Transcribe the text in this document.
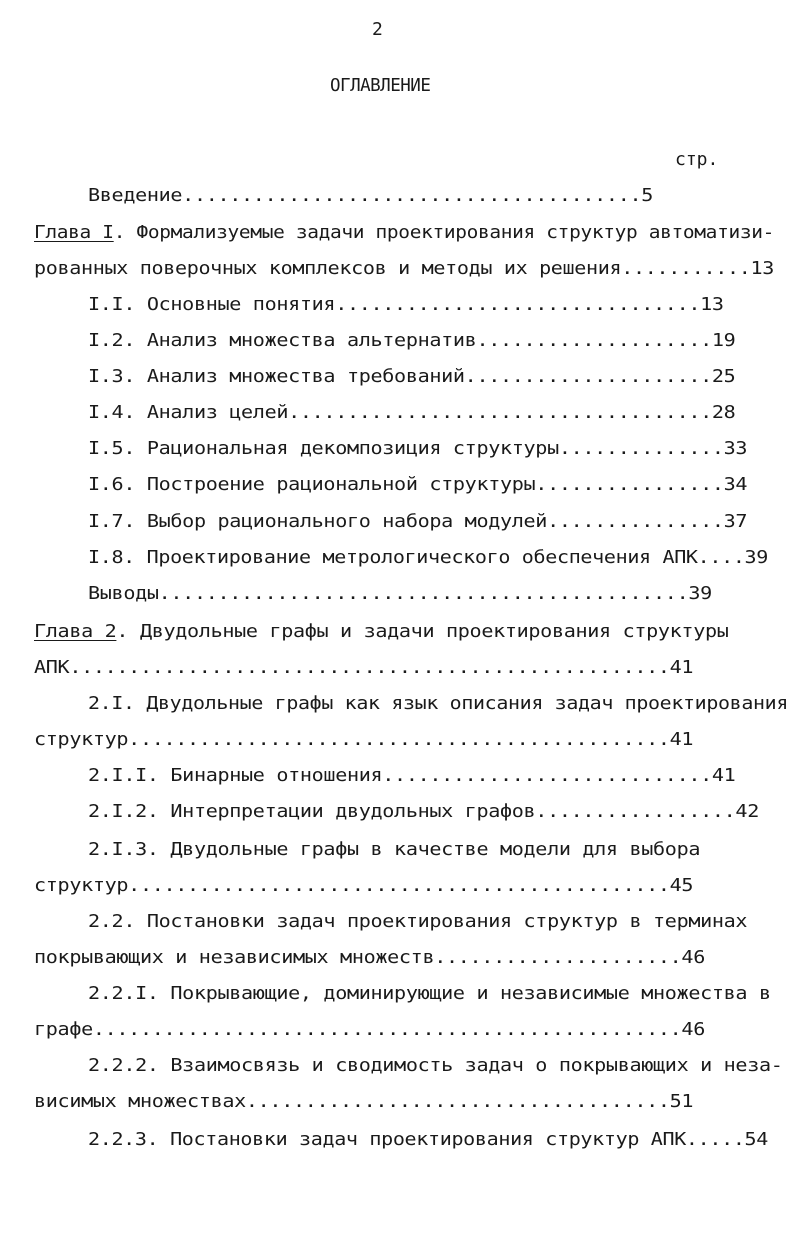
2
ОГЛАВЛЕНИЕ
стр.
Введение.......................................5
Глава I. Формализуемые задачи проектирования структур автоматизи-
рованных поверочных комплексов и методы их решения...........13
I.I. Основные понятия...............................13
I.2. Анализ множества альтернатив....................19
I.3. Анализ множества требований.....................25
I.4. Анализ целей....................................28
I.5. Рациональная декомпозиция структуры..............33
I.6. Построение рациональной структуры................34
I.7. Выбор рационального набора модулей...............37
I.8. Проектирование метрологического обеспечения АПК....39
Выводы.............................................39
Глава 2. Двудольные графы и задачи проектирования структуры
АПК...................................................41
2.I. Двудольные графы как язык описания задач проектирования
структур..............................................41
2.I.I. Бинарные отношения............................41
2.I.2. Интерпретации двудольных графов.................42
2.I.3. Двудольные графы в качестве модели для выбора
структур..............................................45
2.2. Постановки задач проектирования структур в терминах
покрывающих и независимых множеств.....................46
2.2.I. Покрывающие, доминирующие и независимые множества в
графе..................................................46
2.2.2. Взаимосвязь и сводимость задач о покрывающих и неза-
висимых множествах....................................51
2.2.3. Постановки задач проектирования структур АПК.....54
